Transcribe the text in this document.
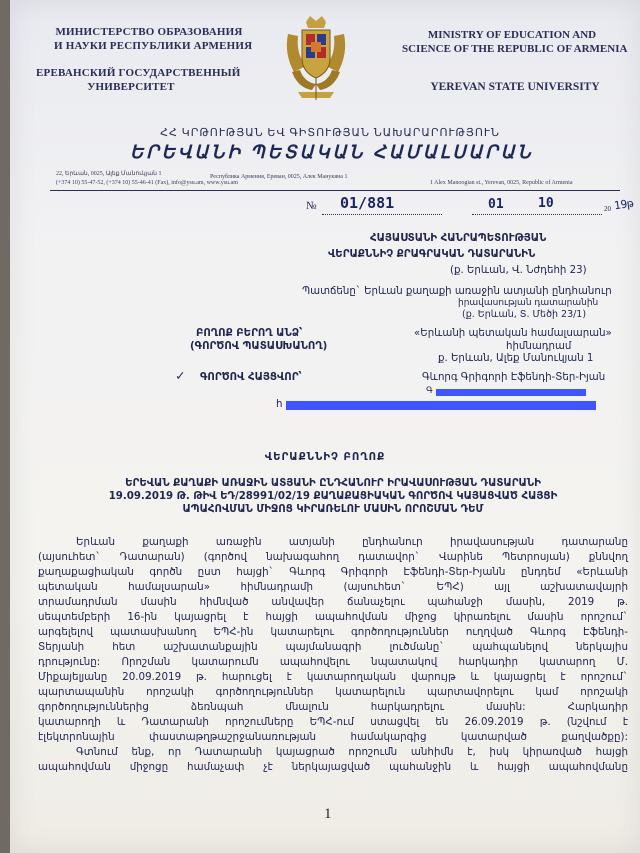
МИНИСТЕРСТВО ОБРАЗОВАНИЯ
И НАУКИ РЕСПУБЛИКИ АРМЕНИЯ
ЕРЕВАНСКИЙ ГОСУДАРСТВЕННЫЙ
УНИВЕРСИТЕТ
MINISTRY OF EDUCATION AND
SCIENCE OF THE REPUBLIC OF ARMENIA
YEREVAN STATE UNIVERSITY
ՀՀ ԿՐԹՈՒԹՅԱՆ ԵՎ ԳԻՏՈՒԹՅԱՆ ՆԱԽԱՐԱՐՈՒԹՅՈՒՆ
ԵՐԵՎԱՆԻ ՊԵՏԱԿԱՆ ՀԱՄԱԼՍԱՐԱՆ
22, Երևան, 0025, Ալեք Մանուկյան 1
(+374 10) 55-47-52, (+374 10) 55-46-41 (Fax), info@ysu.am, www.ysu.am
Республика Армения, Ереван, 0025, Алек Манукяна 1
1 Alex Manoogian st., Yerevan, 0025, Republic of Armenia
№ 01/881	01	10	20 19թ
ՀԱՅԱՍՏԱՆԻ ՀԱՆՐԱՊԵՏՈՒԹՅԱՆ
ՎԵՐԱՔՆՆԻՉ ՔՐԱԳՐԱԿԱՆ ԴԱՏԱՐԱՆԻՆ
(ք. Երևան, Վ. Նժդեհի 23)
Պատճենը` Երևան քաղաքի առաջին ատյանի ընդհանուր
իրավասության դատարանին
(ք. Երևան, Տ. Մեծի 23/1)
ԲՈՂՈՔ ԲԵՐՈՂ ԱՆՁ՝
(ԳՈՐԾՈՎ ՊԱՏԱՍԽԱՆՈՂ)
«Երևանի պետական համալսարան»
հիմնադրամ
ք. Երևան, Ալեք Մանուկյան 1
✓ ԳՈՐԾՈՎ ՀԱՅՑՎՈՐ՝	Գևորգ Գրիգորի Էֆենդի-Տեր-Իյան
Գ
հ
ՎԵՐԱՔՆՆԻՉ ԲՈՂՈՔ
ԵՐԵՎԱՆ ՔԱՂԱՔԻ ԱՌԱՋԻՆ ԱՏՅԱՆԻ ԸՆԴՀԱՆՈՒՐ ԻՐԱՎԱՍՈՒԹՅԱՆ ԴԱՏԱՐԱՆԻ
19.09.2019 Թ. ԹԻՎ ԵԴ/28991/02/19 ՔԱՂԱՔԱՑԻԱԿԱՆ ԳՈՐԾՈՎ ԿԱՅԱՑՎԱԾ ՀԱՅՑԻ
ԱՊԱՀՈՎՄԱՆ ՄԻՋՈՑ ԿԻՐԱՌԵԼՈՒ ՄԱՍԻՆ ՈՐՈՇՄԱՆ ԴԵՄ
Երևան քաղաքի առաջին ատյանի ընդհանուր իրավասության դատարանը
(այսուհետ` Դատարան) (գործով նախագահող դատավոր` Վարինե Պետրոսյան) քննվող
քաղաքացիական գործն ըստ հայցի` Գևորգ Գրիգորի Էֆենդի-Տեր-Իյանն ընդդեմ «Երևանի
պետական համալսարան» հիմնադրամի (այսուհետ` ԵՊՀ) այլ աշխատավայրի
տրամադրման մասին հիմնված անվավեր ճանաչելու պահանջի մասին, 2019 թ.
սեպտեմբերի 16-ին կայացրել է հայցի ապահովման միջոց կիրառելու մասին որոշում`
արգելելով պատասխանող ԵՊՀ-ին կատարելու գործողություններ ուղղված Գևորգ Էֆենդի-
Տերյանի հետ աշխատանքային պայմանագրի լուծմանը` պահպանելով ներկայիս
դրությունը: Որոշման կատարումն ապահովելու նպատակով հարկադիր կատարող Մ.
Միքայելյանը 20.09.2019 թ. հարուցել է կատարողական վարույթ և կայացրել է որոշում`
պարտապանին որոշակի գործողություններ կատարելուն պարտավորելու կամ որոշակի
գործողություններից ձեռնպահ մնալուն հարկադրելու մասին: Հարկադիր
կատարողի և Դատարանի որոշումները ԵՊՀ-ում ստացվել են 26.09.2019 թ. (նշվում է
էլեկտրոնային փաստաթղթաշրջանառության համակարգից կատարված քաղվածքը):
Գտնում ենք, որ Դատարանի կայացրած որոշումն անհիմն է, իսկ կիրառված հայցի
ապահովման միջոցը համաչափ չէ ներկայացված պահանջին և հայցի ապահովմանը
1
